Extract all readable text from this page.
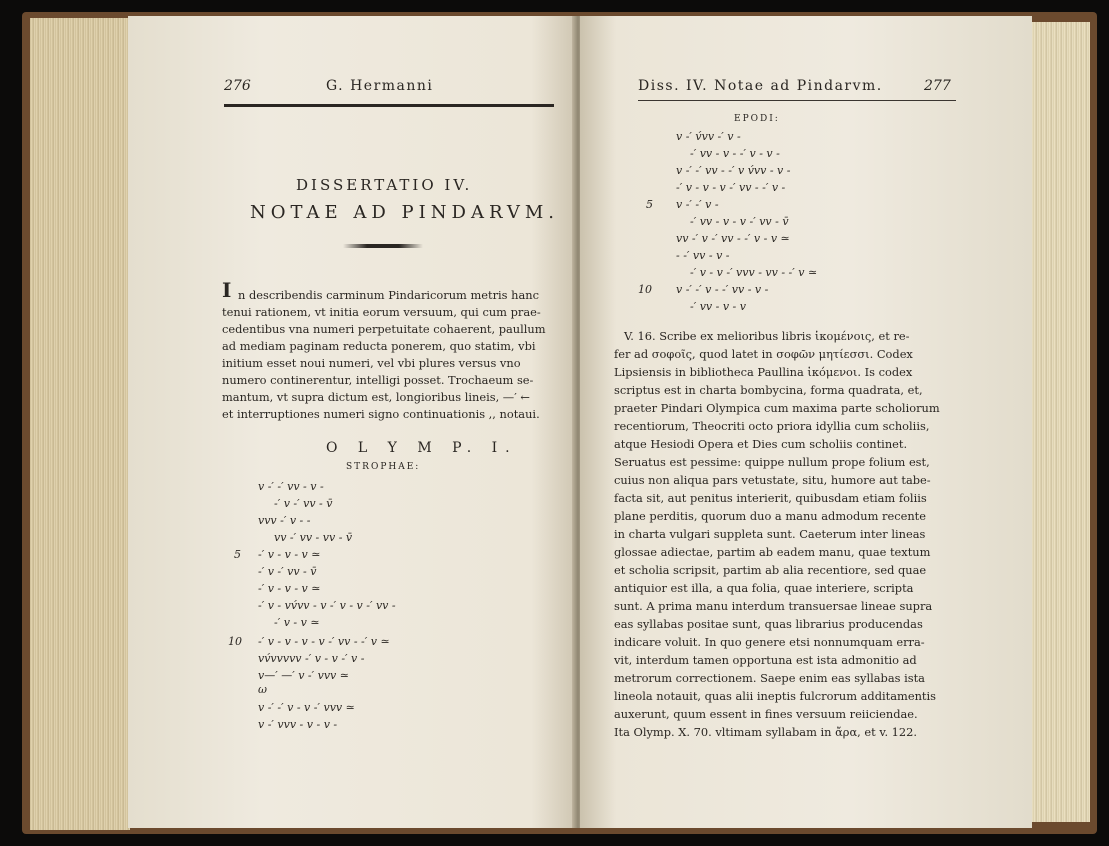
276	G. Hermanni
DISSERTATIO IV.
NOTAE AD PINDARVM.
I n describendis carminum Pindaricorum metris hanc
tenui rationem, vt initia eorum versuum, qui cum prae-
cedentibus vna numeri perpetuitate cohaerent, paullum
ad mediam paginam reducta ponerem, quo statim, vbi
initium esset noui numeri, vel vbi plures versus vno
numero continerentur, intelligi posset. Trochaeum se-
mantum, vt supra dictum est, longioribus lineis, —′ ←
et interruptiones numeri signo continuationis ,, notaui.
O L Y M P. I.
STROPHAE:
v -′ -′ vv - v -
-′ v -′ vv - v̄
vvv -′ v - -
vv -′ vv - vv - v̄
5 -′ v - v - v ≃
-′ v -′ vv - v̄
-′ v - v - v ≃
-′ v - vv́vv - v -′ v - v -′ vv -
-′ v - v ≃
10 -′ v - v - v - v -′ vv - -′ v ≃
vv́vvvvv -′ v - v -′ v -
v—′ —′ v -′ vvv ≃
ω
v -′ -′ v - v -′ vvv ≃
v -′ vvv - v - v -
Diss. IV. Notae ad Pindarvm.	277
EPODI:
v -′ v́vv -′ v -
-′ vv - v - -′ v - v -
v -′ -′ vv - -′ v v́vv - v -
-′ v - v - v -′ vv - -′ v -
5 v -′ -′ v -
-′ vv - v - v -′ vv - v̄
vv -′ v -′ vv - -′ v - v ≃
- -′ vv - v -
-′ v - v -′ vvv - vv - -′ v ≃
10 v -′ -′ v - -′ vv - v -
-′ vv - v - v
V. 16. Scribe ex melioribus libris ἱκομένοις, et re-
fer ad σοφοῖς, quod latet in σοφῶν μητίεσσι. Codex
Lipsiensis in bibliotheca Paullina ἱκόμενοι. Is codex
scriptus est in charta bombycina, forma quadrata, et,
praeter Pindari Olympica cum maxima parte scholiorum
recentiorum, Theocriti octo priora idyllia cum scholiis,
atque Hesiodi Opera et Dies cum scholiis continet.
Seruatus est pessime: quippe nullum prope folium est,
cuius non aliqua pars vetustate, situ, humore aut tabe-
facta sit, aut penitus interierit, quibusdam etiam foliis
plane perditis, quorum duo a manu admodum recente
in charta vulgari suppleta sunt. Caeterum inter lineas
glossae adiectae, partim ab eadem manu, quae textum
et scholia scripsit, partim ab alia recentiore, sed quae
antiquior est illa, a qua folia, quae interiere, scripta
sunt. A prima manu interdum transuersae lineae supra
eas syllabas positae sunt, quas librarius producendas
indicare voluit. In quo genere etsi nonnumquam erra-
vit, interdum tamen opportuna est ista admonitio ad
metrorum correctionem. Saepe enim eas syllabas ista
lineola notauit, quas alii ineptis fulcrorum additamentis
auxerunt, quum essent in fines versuum reiiciendae.
Ita Olymp. X. 70. vltimam syllabam in ἄρα, et v. 122.
